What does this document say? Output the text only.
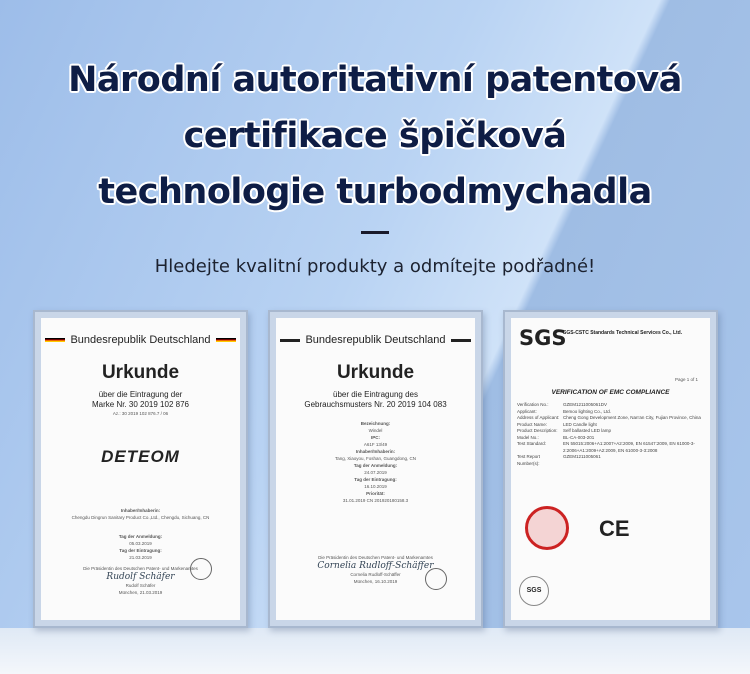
Národní autoritativní patentová
certifikace špičková
technologie turbodmychadla
Hledejte kvalitní produkty a odmítejte podřadné!
Bundesrepublik Deutschland
Urkunde
über die Eintragung der
Marke Nr. 30 2019 102 876
Az.: 30 2019 102 876.7 / 06
DETEOM
Inhaber/Inhaberin:
Chengdu Dingrun Sanitary Product Co.,Ltd., Chengdu, Sichuang, CN
Tag der Anmeldung:
05.03.2019
Tag der Eintragung:
21.03.2019
Die Präsidentin des Deutschen Patent- und Markenamtes
Rudolf Schäfer
Rudolf Schäfer
München, 21.03.2019
Bundesrepublik Deutschland
Urkunde
über die Eintragung des
Gebrauchsmusters Nr. 20 2019 104 083
Bezeichnung:
Windel
IPC:
A61F 13/49
Inhaber/Inhaberin:
Tang, Xiaoyou, Foshan, Guangdong, CN
Tag der Anmeldung:
24.07.2019
Tag der Eintragung:
16.10.2019
Priorität:
31.01.2019 CN 201920180158.3
Die Präsidentin des Deutschen Patent- und Markenamtes
Cornelia Rudloff-Schäffer
Cornelia Rudloff-Schäffer
München, 16.10.2019
SGS
SGS-CSTC Standards Technical Services Co., Ltd.
Page 1 of 1
VERIFICATION OF EMC COMPLIANCE
Verification No.:	GZEM1211005061DV
Applicant:	Bemoo lighting Co., Ltd.
Address of Applicant: Cheng Gong Development Zone, Nan'an City, Fujian Province, China
Product Name:	LED Candle light
Product Description:	Self ballasted LED lamp
Model No.:	BL-CA-003-201
Test Standard:	EN 55015:2006+A1:2007+A2:2009, EN 61547:2009, EN 61000-3-2:2006+A1:2009+A2:2009, EN 61000-3-3:2008
Test Report Number(s):
GZEM1211005061
CE
SGS
